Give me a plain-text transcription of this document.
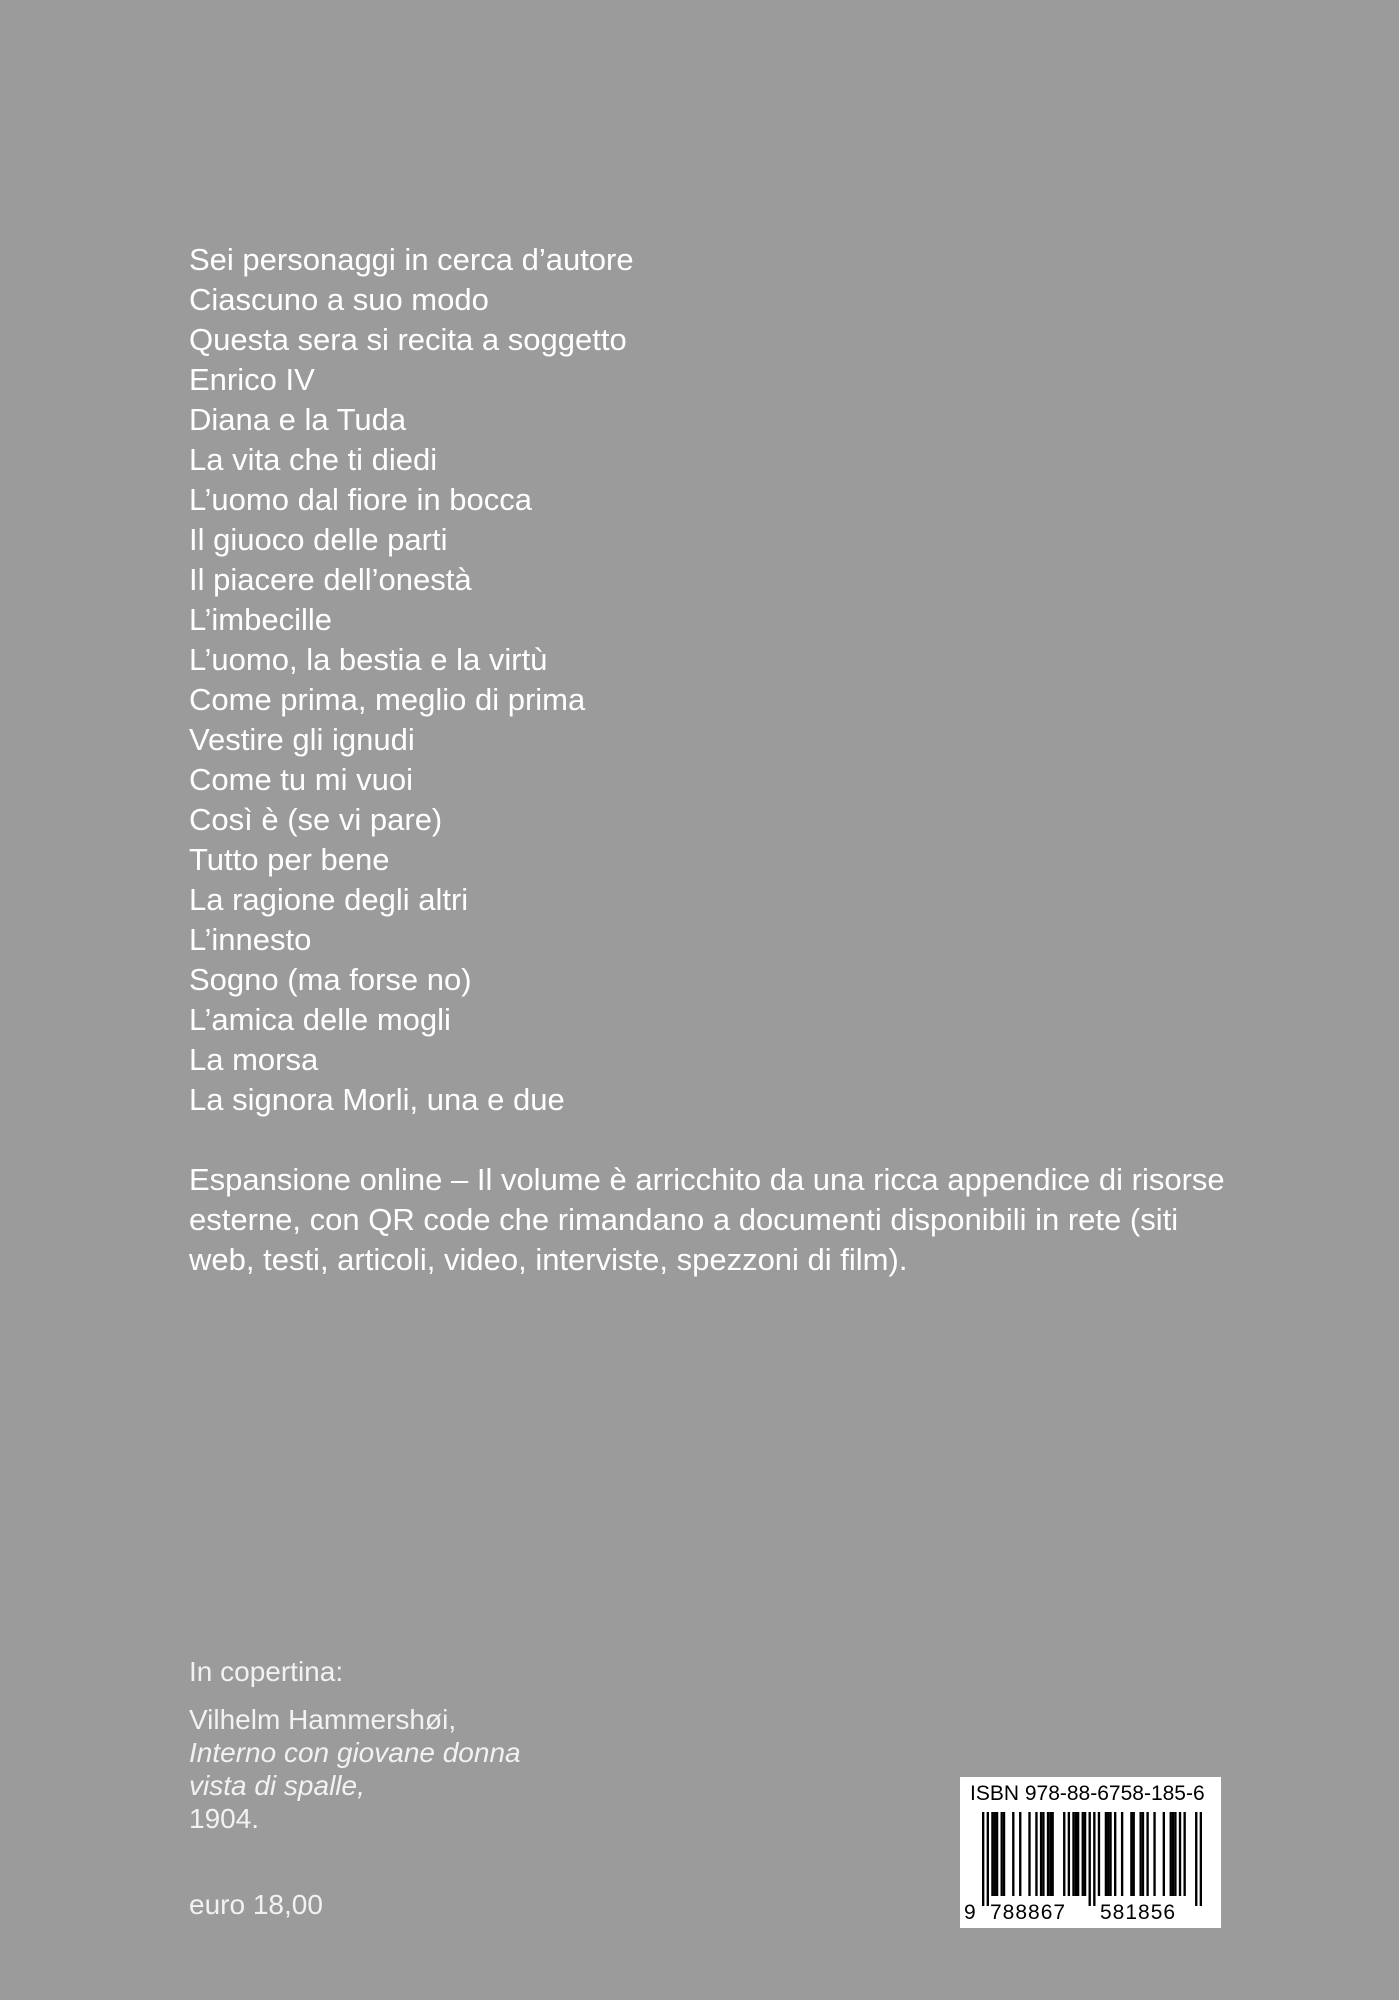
Sei personaggi in cerca d’autore
Ciascuno a suo modo
Questa sera si recita a soggetto
Enrico IV
Diana e la Tuda
La vita che ti diedi
L’uomo dal fiore in bocca
Il giuoco delle parti
Il piacere dell’onestà
L’imbecille
L’uomo, la bestia e la virtù
Come prima, meglio di prima
Vestire gli ignudi
Come tu mi vuoi
Così è (se vi pare)
Tutto per bene
La ragione degli altri
L’innesto
Sogno (ma forse no)
L’amica delle mogli
La morsa
La signora Morli, una e due

Espansione online – Il volume è arricchito da una ricca appendice di risorse esterne, con QR code che rimandano a documenti disponibili in rete (siti web, testi, articoli, video, interviste, spezzoni di film).

In copertina:
Vilhelm Hammershøi,
Interno con giovane donna
vista di spalle,
1904.
euro 18,00
ISBN 978-88-6758-185-6
9 788867 581856
